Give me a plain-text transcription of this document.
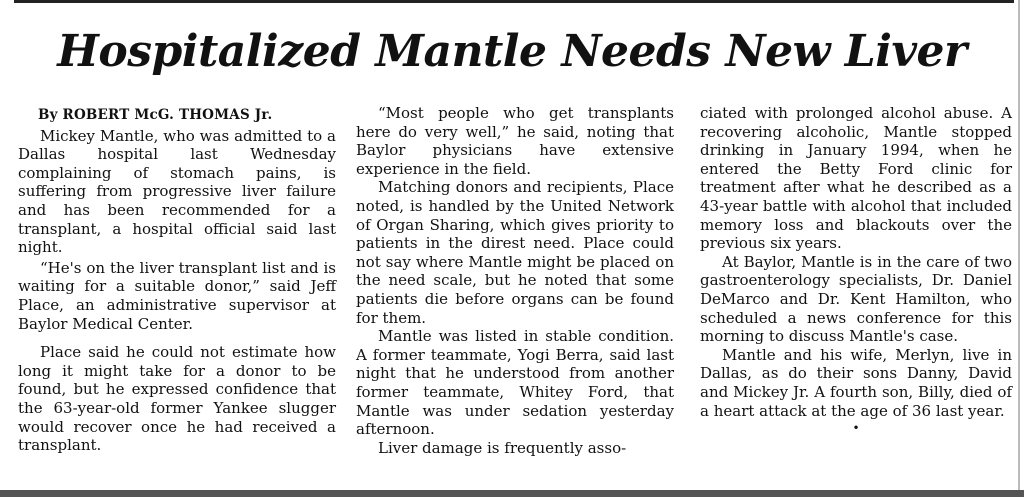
Hospitalized Mantle Needs New Liver
By ROBERT McG. THOMAS Jr.

Mickey Mantle, who was admitted to a Dallas hospital last Wednesday complaining of stomach pains, is suffering from progressive liver failure and has been recommended for a transplant, a hospital official said last night.

“He's on the liver transplant list and is waiting for a suitable donor,” said Jeff Place, an administrative supervisor at Baylor Medical Center.

Place said he could not estimate how long it might take for a donor to be found, but he expressed confidence that the 63-year-old former Yankee slugger would recover once he had received a transplant.

“Most people who get transplants here do very well,” he said, noting that Baylor physicians have extensive experience in the field.

Matching donors and recipients, Place noted, is handled by the United Network of Organ Sharing, which gives priority to patients in the direst need. Place could not say where Mantle might be placed on the need scale, but he noted that some patients die before organs can be found for them.

Mantle was listed in stable condition. A former teammate, Yogi Berra, said last night that he understood from another former teammate, Whitey Ford, that Mantle was under sedation yesterday afternoon.

Liver damage is frequently asso-

ciated with prolonged alcohol abuse. A recovering alcoholic, Mantle stopped drinking in January 1994, when he entered the Betty Ford clinic for treatment after what he described as a 43-year battle with alcohol that included memory loss and blackouts over the previous six years.

At Baylor, Mantle is in the care of two gastroenterology specialists, Dr. Daniel DeMarco and Dr. Kent Hamilton, who scheduled a news conference for this morning to discuss Mantle's case.

Mantle and his wife, Merlyn, live in Dallas, as do their sons Danny, David and Mickey Jr. A fourth son, Billy, died of a heart attack at the age of 36 last year.

•
